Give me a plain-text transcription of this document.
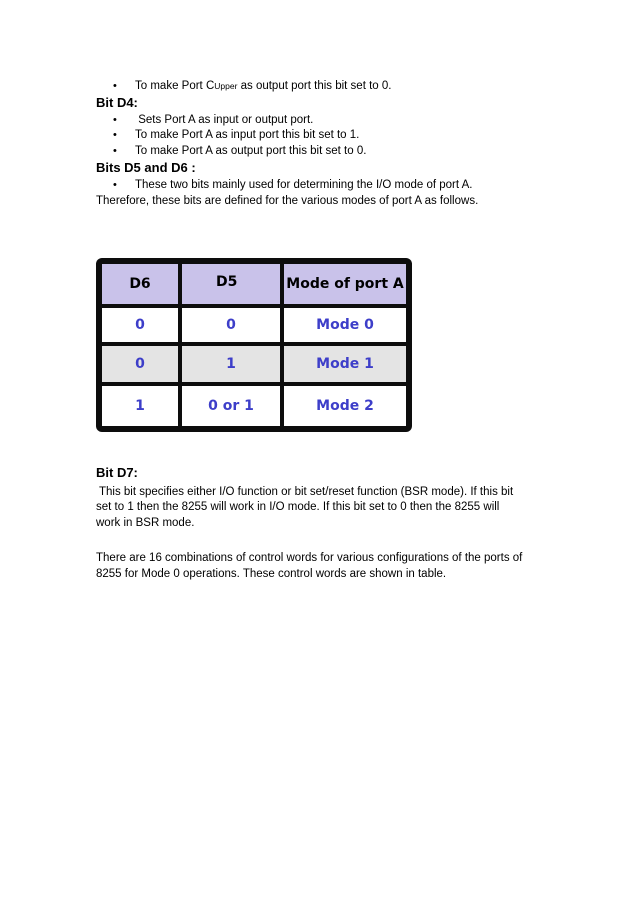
• To make Port CUpper as output port this bit set to 0.
Bit D4:
• Sets Port A as input or output port.
• To make Port A as input port this bit set to 1.
• To make Port A as output port this bit set to 0.
Bits D5 and D6 :
• These two bits mainly used for determining the I/O mode of port A.
Therefore, these bits are defined for the various modes of port A as follows.
D6	D5	Mode of port A
0	0	Mode 0
0	1	Mode 1
1	0 or 1	Mode 2
Bit D7:
This bit specifies either I/O function or bit set/reset function (BSR mode). If this bit
set to 1 then the 8255 will work in I/O mode. If this bit set to 0 then the 8255 will
work in BSR mode.
There are 16 combinations of control words for various configurations of the ports of
8255 for Mode 0 operations. These control words are shown in table.
